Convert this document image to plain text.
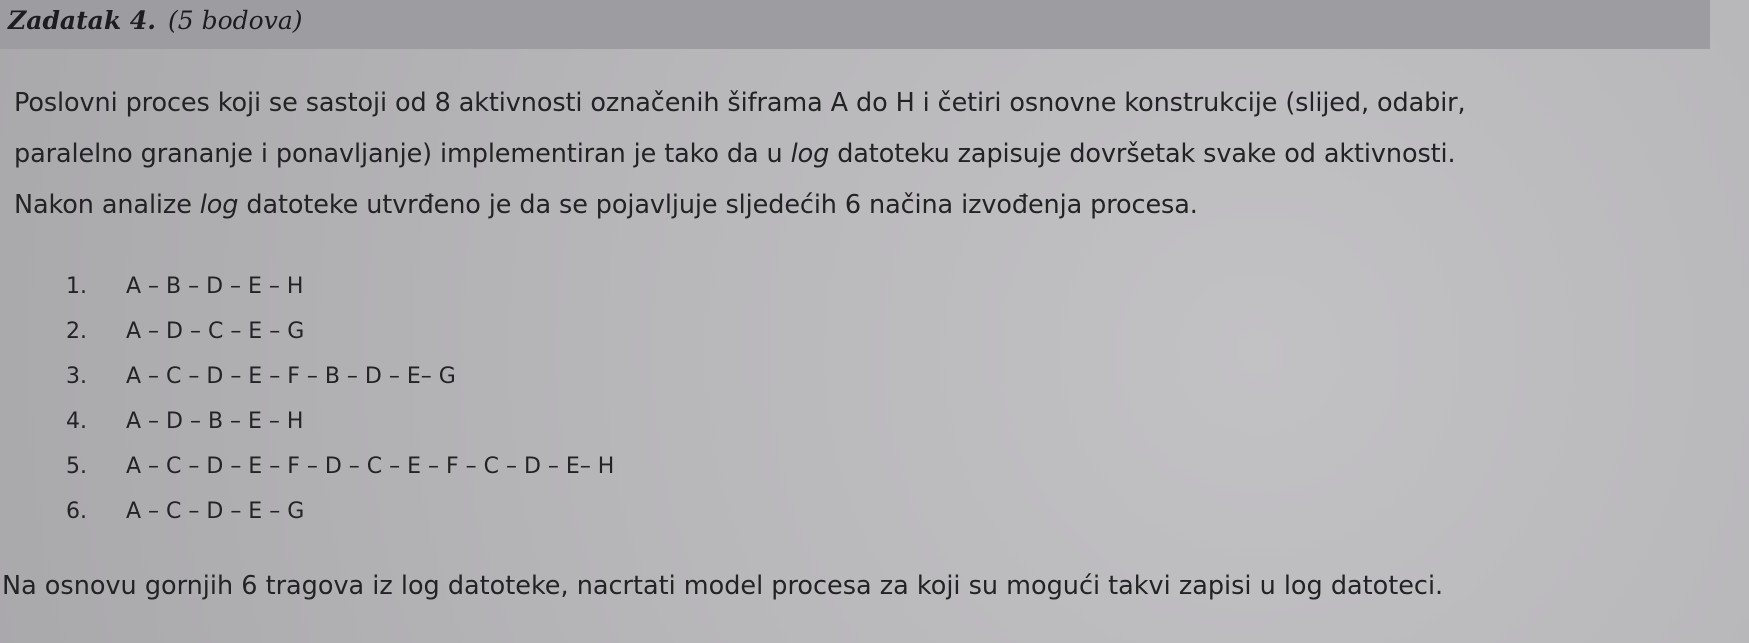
Zadatak 4. (5 bodova)
Poslovni proces koji se sastoji od 8 aktivnosti označenih šiframa A do H i četiri osnovne konstrukcije (slijed, odabir,
paralelno grananje i ponavljanje) implementiran je tako da u log datoteku zapisuje dovršetak svake od aktivnosti.
Nakon analize log datoteke utvrđeno je da se pojavljuje sljedećih 6 načina izvođenja procesa.
1. A – B – D – E – H
2. A – D – C – E – G
3. A – C – D – E – F – B – D – E– G
4. A – D – B – E – H
5. A – C – D – E – F – D – C – E – F – C – D – E– H
6. A – C – D – E – G
Na osnovu gornjih 6 tragova iz log datoteke, nacrtati model procesa za koji su mogući takvi zapisi u log datoteci.
